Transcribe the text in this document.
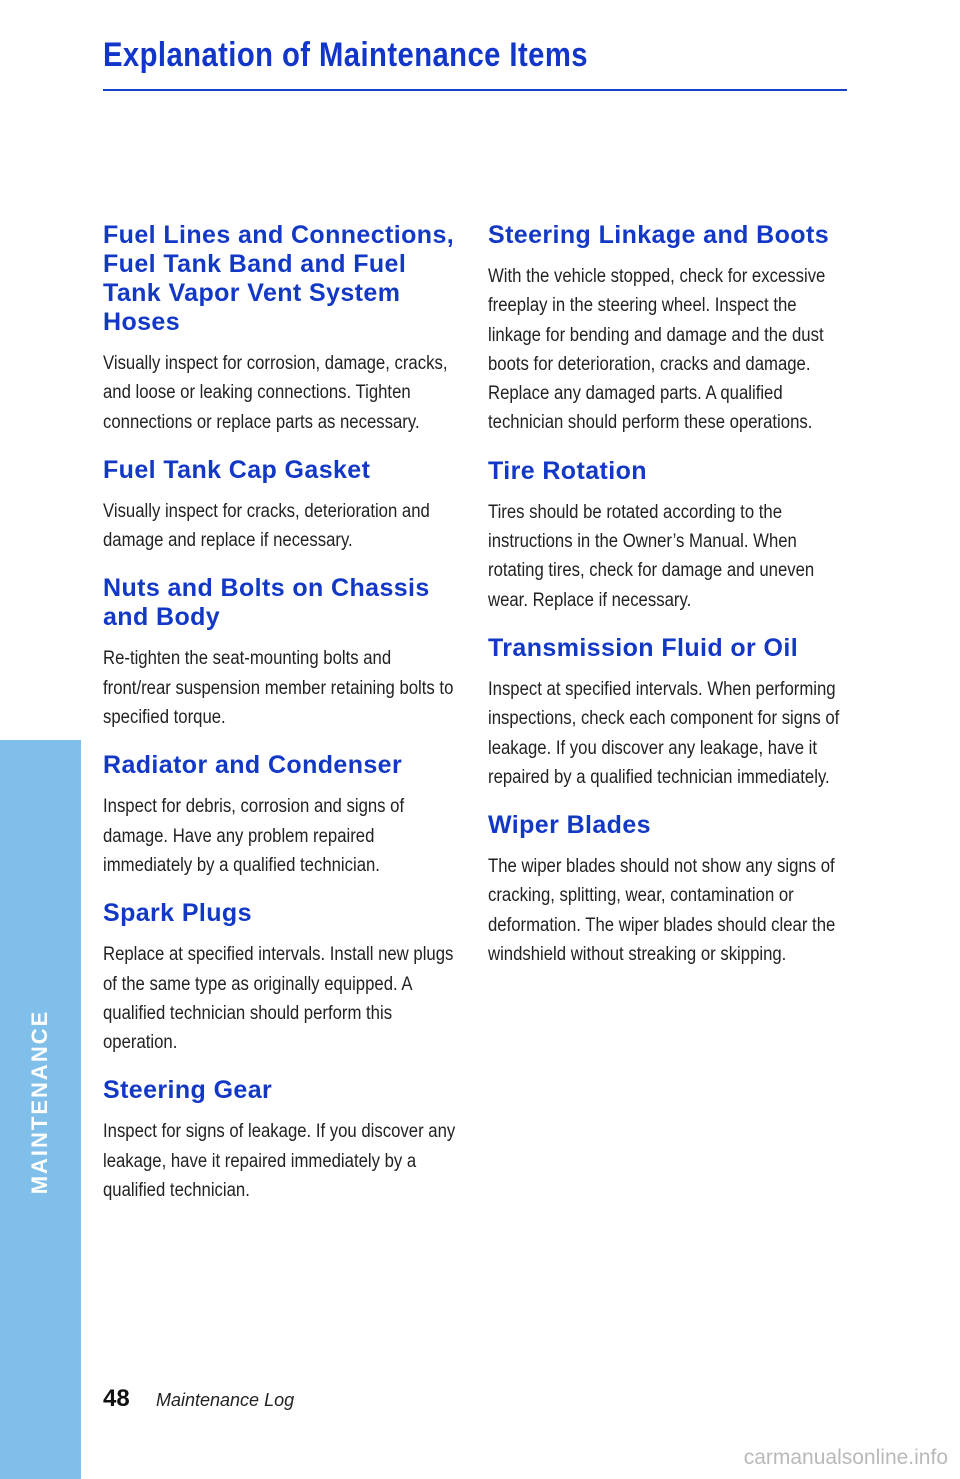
Explanation of Maintenance Items
MAINTENANCE
Fuel Lines and Connections, Fuel Tank Band and Fuel Tank Vapor Vent System Hoses

Visually inspect for corrosion, damage, cracks, and loose or leaking connections. Tighten connections or replace parts as necessary.

Fuel Tank Cap Gasket

Visually inspect for cracks, deterioration and damage and replace if necessary.

Nuts and Bolts on Chassis and Body

Re-tighten the seat-mounting bolts and front/rear suspension member retaining bolts to specified torque.

Radiator and Condenser

Inspect for debris, corrosion and signs of damage. Have any problem repaired immediately by a qualified technician.

Spark Plugs

Replace at specified intervals. Install new plugs of the same type as originally equipped. A qualified technician should perform this operation.

Steering Gear

Inspect for signs of leakage. If you discover any leakage, have it repaired immediately by a qualified technician.

Steering Linkage and Boots

With the vehicle stopped, check for excessive freeplay in the steering wheel. Inspect the linkage for bending and damage and the dust boots for deterioration, cracks and damage. Replace any damaged parts. A qualified technician should perform these operations.

Tire Rotation

Tires should be rotated according to the instructions in the Owner’s Manual. When rotating tires, check for damage and uneven wear. Replace if necessary.

Transmission Fluid or Oil

Inspect at specified intervals. When performing inspections, check each component for signs of leakage. If you discover any leakage, have it repaired by a qualified technician immediately.

Wiper Blades

The wiper blades should not show any signs of cracking, splitting, wear, contamination or deformation. The wiper blades should clear the windshield without streaking or skipping.

48 Maintenance Log
carmanualsonline.info
